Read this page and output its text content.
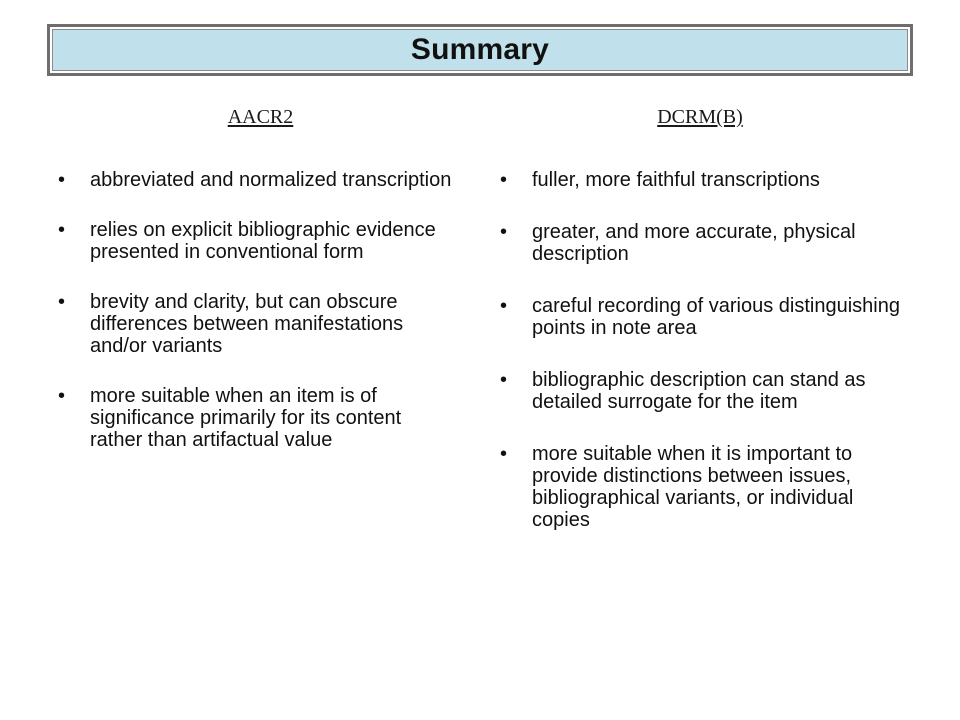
Summary
AACR2
• abbreviated and normalized transcription
• relies on explicit bibliographic evidence presented in conventional form
• brevity and clarity, but can obscure differences between manifestations and/or variants
• more suitable when an item is of significance primarily for its content rather than artifactual value
DCRM(B)
• fuller, more faithful transcriptions
• greater, and more accurate, physical description
• careful recording of various distinguishing points in note area
• bibliographic description can stand as detailed surrogate for the item
• more suitable when it is important to provide distinctions between issues, bibliographical variants, or individual copies
